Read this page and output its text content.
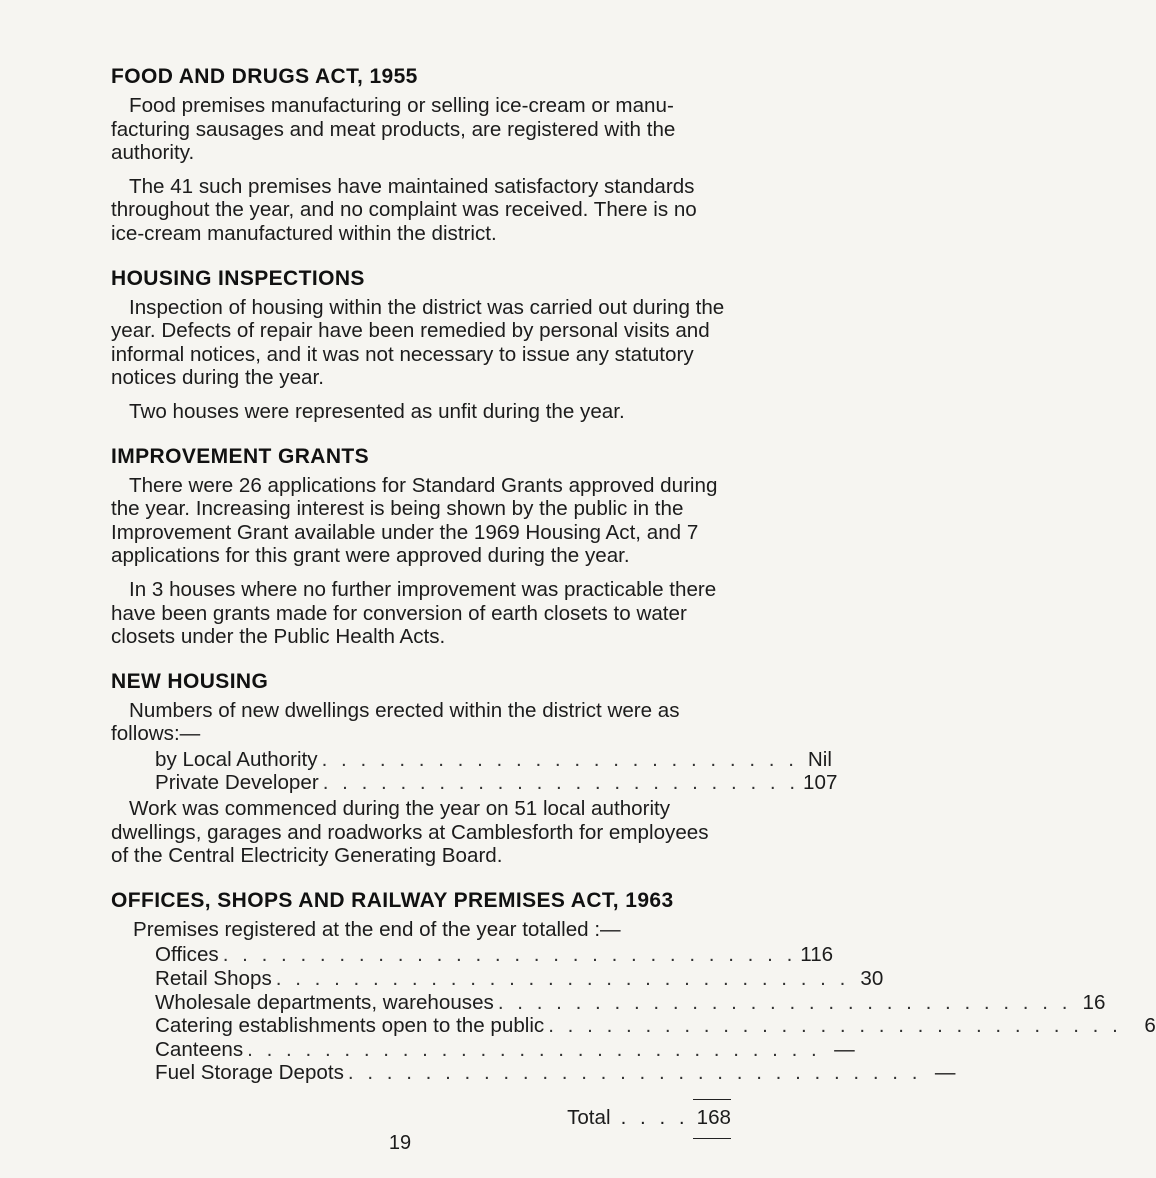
FOOD AND DRUGS ACT, 1955

Food premises manufacturing or selling ice-cream or manu-facturing sausages and meat products, are registered with the authority.

The 41 such premises have maintained satisfactory standards throughout the year, and no complaint was received. There is no ice-cream manufactured within the district.

HOUSING INSPECTIONS

Inspection of housing within the district was carried out during the year. Defects of repair have been remedied by personal visits and informal notices, and it was not necessary to issue any statutory notices during the year.

Two houses were represented as unfit during the year.

IMPROVEMENT GRANTS

There were 26 applications for Standard Grants approved during the year. Increasing interest is being shown by the public in the Improvement Grant available under the 1969 Housing Act, and 7 applications for this grant were approved during the year.

In 3 houses where no further improvement was practicable there have been grants made for conversion of earth closets to water closets under the Public Health Acts.

NEW HOUSING

Numbers of new dwellings erected within the district were as follows:—

by Local Authority . . . . . . . . . . . . . . . . . . . . . . . . . Nil
Private Developer . . . . . . . . . . . . . . . . . . . . . . . . . 107

Work was commenced during the year on 51 local authority dwellings, garages and roadworks at Camblesforth for employees of the Central Electricity Generating Board.

OFFICES, SHOPS AND RAILWAY PREMISES ACT, 1963

Premises registered at the end of the year totalled :—

Offices . . . . . . . . . . . . . . . . . . . . . . . . . . . . . . 116
Retail Shops . . . . . . . . . . . . . . . . . . . . . . . . . . . . . . 30
Wholesale departments, warehouses . . . . . . . . . . . . . . . . . . . . . . . . . . . . . . 16
Catering establishments open to the public . . . . . . . . . . . . . . . . . . . . . . . . . . . . . .	6
Canteens . . . . . . . . . . . . . . . . . . . . . . . . . . . . . . —
Fuel Storage Depots . . . . . . . . . . . . . . . . . . . . . . . . . . . . . . —
Total . . . . 168
19
